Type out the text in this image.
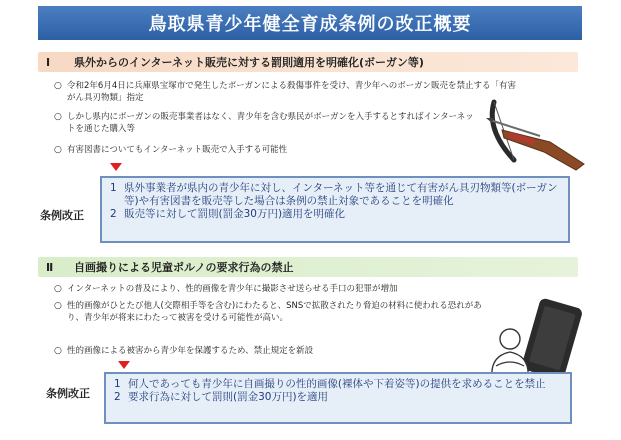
鳥取県青少年健全育成条例の改正概要
Ⅰ	県外からのインターネット販売に対する罰則適用を明確化(ボーガン等)
○ 令和2年6月4日に兵庫県宝塚市で発生したボーガンによる殺傷事件を受け、青少年へのボーガン販売を禁止する「有害がん具刃物類」指定
○ しかし県内にボーガンの販売事業者はなく、青少年を含む県民がボーガンを入手するとすればインターネットを通じた購入等
○ 有害図書についてもインターネット販売で入手する可能性
条例改正
1 県外事業者が県内の青少年に対し、インターネット等を通じて有害がん具刃物類等(ボーガン等)や有害図書を販売等した場合は条例の禁止対象であることを明確化
2 販売等に対して罰則(罰金30万円)適用を明確化
Ⅱ	自画撮りによる児童ポルノの要求行為の禁止
○ インターネットの普及により、性的画像を青少年に撮影させ送らせる手口の犯罪が増加
○ 性的画像がひとたび他人(交際相手等を含む)にわたると、SNSで拡散されたり脅迫の材料に使われる恐れがあり、青少年が将来にわたって被害を受ける可能性が高い。
○ 性的画像による被害から青少年を保護するため、禁止規定を新設
条例改正
1 何人であっても青少年に自画撮りの性的画像(裸体や下着姿等)の提供を求めることを禁止
2 要求行為に対して罰則(罰金30万円)を適用
